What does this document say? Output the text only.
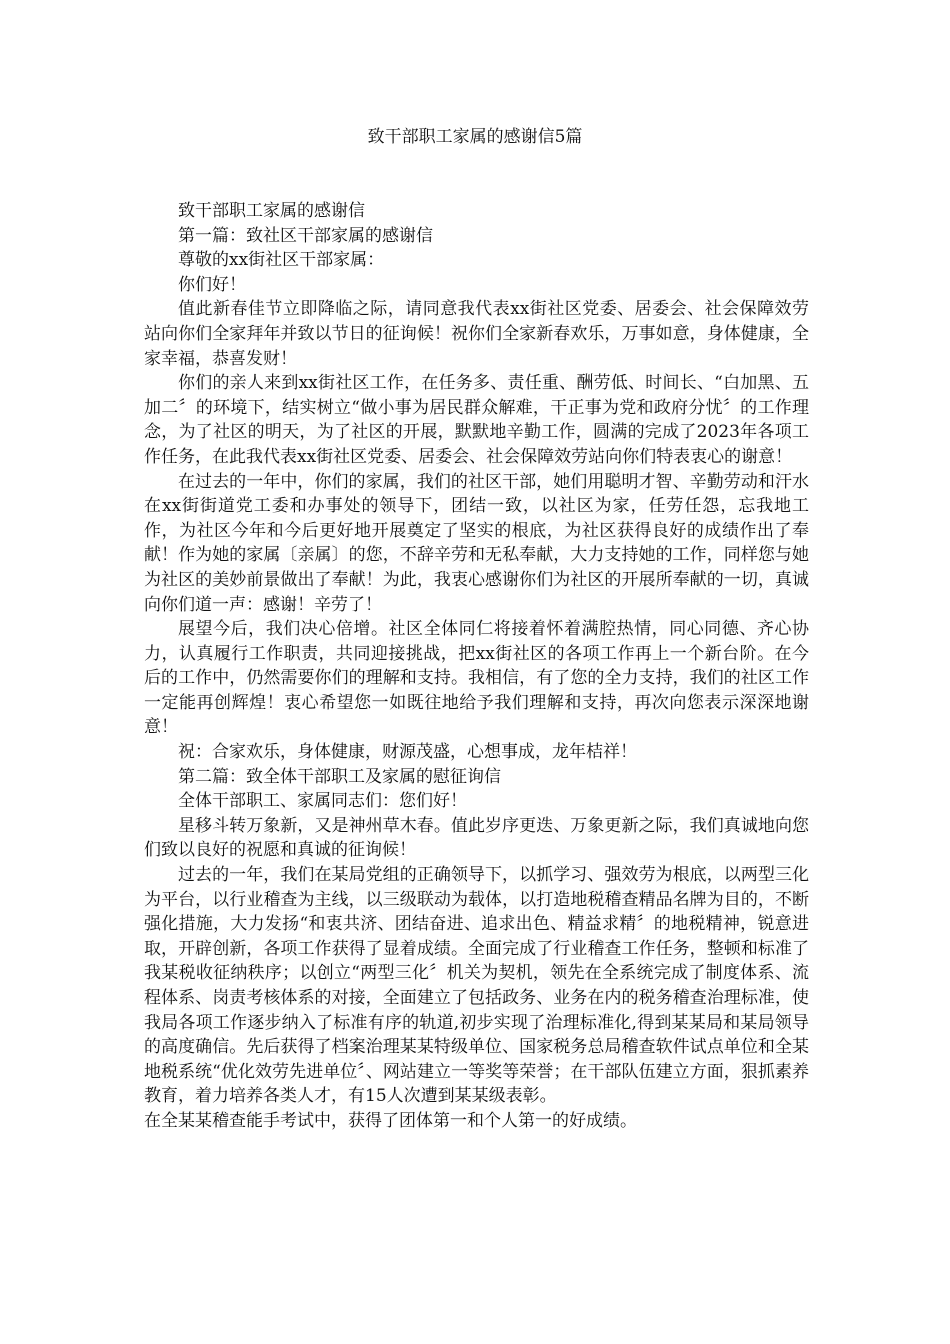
致干部职工家属的感谢信5篇

致干部职工家属的感谢信

第一篇：致社区干部家属的感谢信

尊敬的xx街社区干部家属：

你们好！

值此新春佳节立即降临之际，请同意我代表xx街社区党委、居委会、社会保障效劳站向你们全家拜年并致以节日的征询候！祝你们全家新春欢乐，万事如意，身体健康，全家幸福，恭喜发财！

你们的亲人来到xx街社区工作，在任务多、责任重、酬劳低、时间长、“白加黑、五加二〞的环境下，结实树立“做小事为居民群众解难，干正事为党和政府分忧〞的工作理念，为了社区的明天，为了社区的开展，默默地辛勤工作，圆满的完成了2023年各项工作任务，在此我代表xx街社区党委、居委会、社会保障效劳站向你们特表衷心的谢意！

在过去的一年中，你们的家属，我们的社区干部，她们用聪明才智、辛勤劳动和汗水在xx街街道党工委和办事处的领导下，团结一致，以社区为家，任劳任怨，忘我地工作，为社区今年和今后更好地开展奠定了坚实的根底，为社区获得良好的成绩作出了奉献！作为她的家属〔亲属〕的您，不辞辛劳和无私奉献，大力支持她的工作，同样您与她为社区的美妙前景做出了奉献！为此，我衷心感谢你们为社区的开展所奉献的一切，真诚向你们道一声：感谢！辛劳了！

展望今后，我们决心倍增。社区全体同仁将接着怀着满腔热情，同心同德、齐心协力，认真履行工作职责，共同迎接挑战，把xx街社区的各项工作再上一个新台阶。在今后的工作中，仍然需要你们的理解和支持。我相信，有了您的全力支持，我们的社区工作一定能再创辉煌！衷心希望您一如既往地给予我们理解和支持，再次向您表示深深地谢意！

祝：合家欢乐，身体健康，财源茂盛，心想事成，龙年桔祥！

第二篇：致全体干部职工及家属的慰征询信

全体干部职工、家属同志们：您们好！

星移斗转万象新，又是神州草木春。值此岁序更迭、万象更新之际，我们真诚地向您们致以良好的祝愿和真诚的征询候！

过去的一年，我们在某局党组的正确领导下，以抓学习、强效劳为根底，以两型三化为平台，以行业稽查为主线，以三级联动为载体，以打造地税稽查精品名牌为目的，不断强化措施，大力发扬“和衷共济、团结奋进、追求出色、精益求精〞的地税精神，锐意进取，开辟创新，各项工作获得了显着成绩。全面完成了行业稽查工作任务，整顿和标准了我某税收征纳秩序；以创立“两型三化〞机关为契机，领先在全系统完成了制度体系、流程体系、岗责考核体系的对接，全面建立了包括政务、业务在内的税务稽查治理标准，使我局各项工作逐步纳入了标准有序的轨道,初步实现了治理标准化,得到某某局和某局领导的高度确信。先后获得了档案治理某某特级单位、国家税务总局稽查软件试点单位和全某地税系统“优化效劳先进单位〞、网站建立一等奖等荣誉；在干部队伍建立方面，狠抓素养教育，着力培养各类人才，有15人次遭到某某级表彰。

在全某某稽查能手考试中，获得了团体第一和个人第一的好成绩。
